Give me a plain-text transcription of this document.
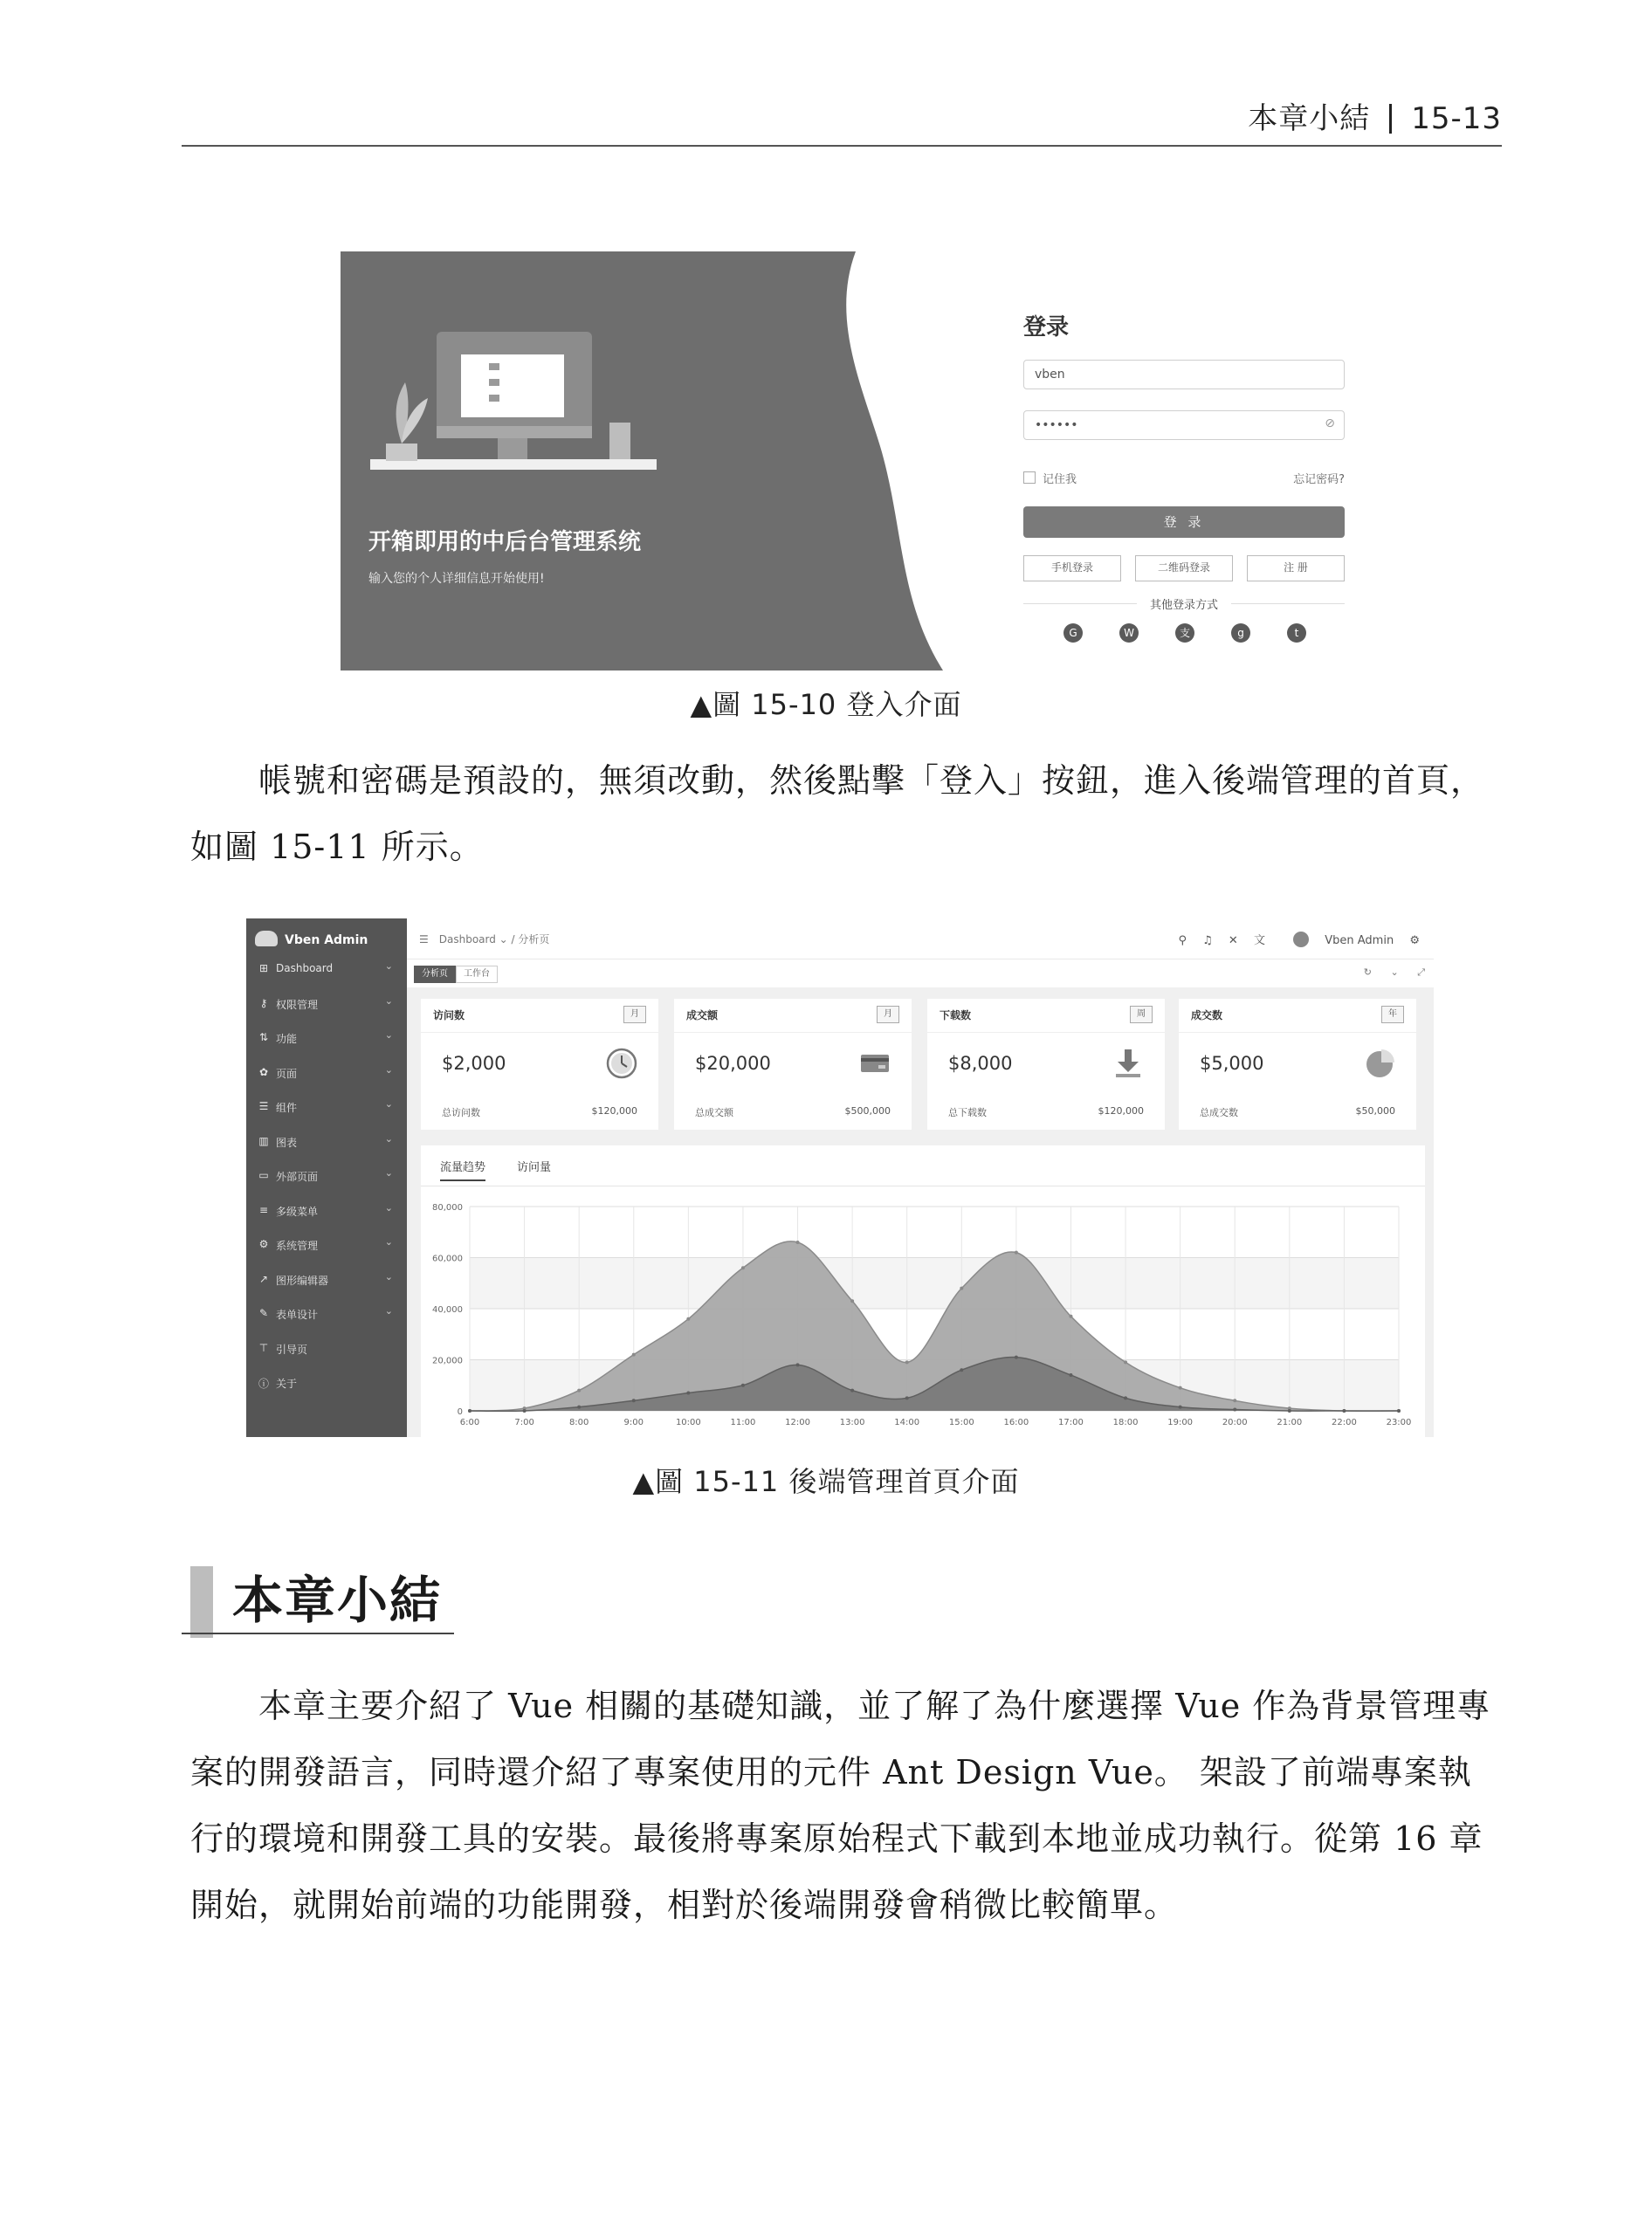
本章小結 15-13
开箱即用的中后台管理系统
输入您的个人详细信息开始使用!
登录
vben
••••••	⊘
记住我	忘记密码?
登 录
手机登录	二维码登录	注 册
其他登录方式
G	W	支	g	t
▲圖 15-10 登入介面
帳號和密碼是預設的，無須改動，然後點擊「登入」按鈕，進入後端管理的首頁，如圖 15-11 所示。
Vben Admin
⊞ Dashboard	⌄
⚷ 权限管理	⌄
⇅ 功能	⌄
✿ 页面	⌄
☰ 组件	⌄
▥ 图表	⌄
▭ 外部页面	⌄
≡ 多级菜单	⌄
⚙ 系统管理	⌄
↗ 图形编辑器	⌄
✎ 表单设计	⌄
⊤ 引导页
ⓘ 关于
☰ Dashboard ⌄ / 分析页	⚲ ♫ ✕ 文	Vben Admin ⚙
分析页	工作台	↻ ⌄ ⤢
访问数	月
$2,000
总访问数	$120,000
成交额	月
$20,000
总成交额	$500,000
下载数	周
$8,000
总下载数	$120,000
成交数	年
$5,000
总成交数	$50,000
流量趋势	访问量
0
20,000
40,000
60,000
80,000
6:00	7:00	8:00	9:00	10:00	11:00	12:00	13:00	14:00	15:00	16:00	17:00	18:00	19:00	20:00	21:00	22:00	23:00
▲圖 15-11 後端管理首頁介面
本章小結
本章主要介紹了 Vue 相關的基礎知識，並了解了為什麼選擇 Vue 作為背景管理專案的開發語言，同時還介紹了專案使用的元件 Ant Design Vue。 架設了前端專案執行的環境和開發工具的安裝。最後將專案原始程式下載到本地並成功執行。從第 16 章開始，就開始前端的功能開發，相對於後端開發會稍微比較簡單。
